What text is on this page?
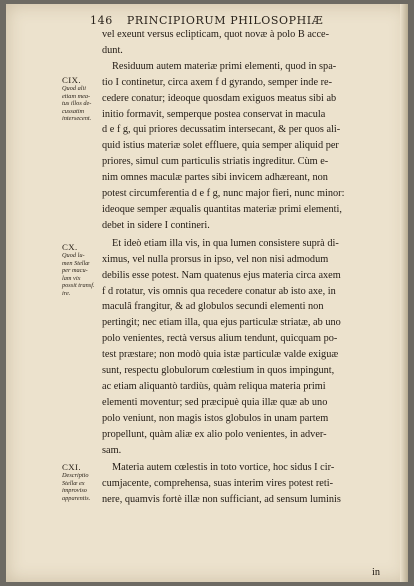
146 PRINCIPIORUM PHILOSOPHIÆ
CIX.
Quod alii
etiam mea-
tus illos de-
cussatim
intersecent.
CX.
Quod lu-
men Stellæ
per macu-
lam vix
possit transf.
ire.
CXI.
Descriptio
Stellæ ex
improviso
apparentis.
vel exeunt versus eclipticam, quot novæ à polo B acce-
dunt.
Residuum autem materiæ primi elementi, quod in spa-
tio I continetur, circa axem f d gyrando, semper inde re-
cedere conatur; ideoque quosdam exiguos meatus sibi ab
initio formavit, semperque postea conservat in macula
d e f g, qui priores decussatim intersecant, & per quos ali-
quid istius materiæ solet effluere, quia semper aliquid per
priores, simul cum particulis striatis ingreditur. Cùm e-
nim omnes maculæ partes sibi invicem adhæreant, non
potest circumferentia d e f g, nunc major fieri, nunc minor:
ideoque semper æqualis quantitas materiæ primi elementi,
debet in sidere I contineri.
Et ideò etiam illa vis, in qua lumen consistere suprà di-
ximus, vel nulla prorsus in ipso, vel non nisi admodum
debilis esse potest. Nam quatenus ejus materia circa axem
f d rotatur, vis omnis qua recedere conatur ab isto axe, in
maculâ frangitur, & ad globulos secundi elementi non
pertingit; nec etiam illa, qua ejus particulæ striatæ, ab uno
polo venientes, rectà versus alium tendunt, quicquam po-
test præstare; non modò quia istæ particulæ valde exiguæ
sunt, respectu globulorum cœlestium in quos impingunt,
ac etiam aliquantò tardiùs, quàm reliqua materia primi
elementi moventur; sed præcipuè quia illæ quæ ab uno
polo veniunt, non magis istos globulos in unam partem
propellunt, quàm aliæ ex alio polo venientes, in adver-
sam.
Materia autem cœlestis in toto vortice, hoc sidus I cir-
cumjacente, comprehensa, suas interim vires potest reti-
nere, quamvis fortè illæ non sufficiant, ad sensum luminis
in
